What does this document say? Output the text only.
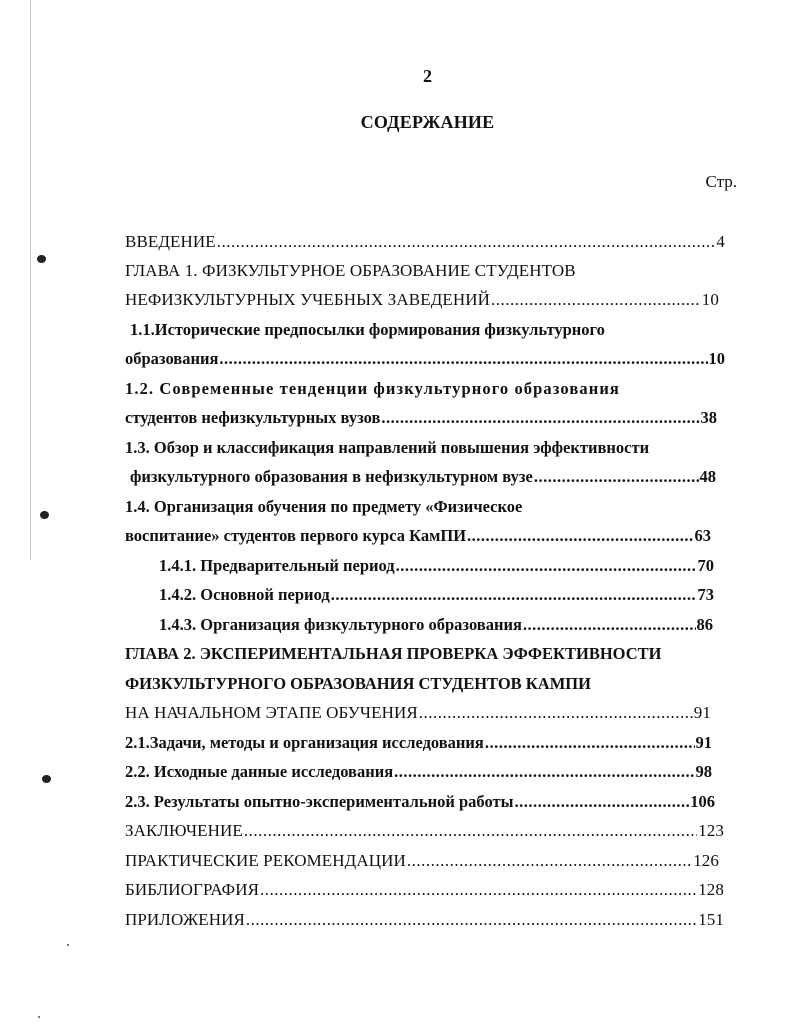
2
СОДЕРЖАНИЕ
Стр.
ВВЕДЕНИЕ .....	4
ГЛАВА 1. ФИЗКУЛЬТУРНОЕ ОБРАЗОВАНИЕ СТУДЕНТОВ
НЕФИЗКУЛЬТУРНЫХ УЧЕБНЫХ ЗАВЕДЕНИЙ .....	10
1.1.Исторические предпосылки формирования физкультурного
образования .....	10
1.2. Современные тенденции физкультурного образования
студентов нефизкультурных вузов .....	38
1.3. Обзор и классификация направлений повышения эффективности
физкультурного образования в нефизкультурном вузе .....	48
1.4. Организация обучения по предмету «Физическое
воспитание» студентов первого курса КамПИ .....	63
1.4.1. Предварительный период .....	70
1.4.2. Основной период .....	73
1.4.3. Организация физкультурного образования .....	86
ГЛАВА 2. ЭКСПЕРИМЕНТАЛЬНАЯ ПРОВЕРКА ЭФФЕКТИВНОСТИ
ФИЗКУЛЬТУРНОГО ОБРАЗОВАНИЯ СТУДЕНТОВ КАМПИ
НА НАЧАЛЬНОМ ЭТАПЕ ОБУЧЕНИЯ .....	91
2.1.Задачи, методы и организация исследования .....	91
2.2. Исходные данные исследования .....	98
2.3. Результаты опытно-экспериментальной работы .....	106
ЗАКЛЮЧЕНИЕ .....	123
ПРАКТИЧЕСКИЕ РЕКОМЕНДАЦИИ .....	126
БИБЛИОГРАФИЯ .....	128
ПРИЛОЖЕНИЯ .....	151
